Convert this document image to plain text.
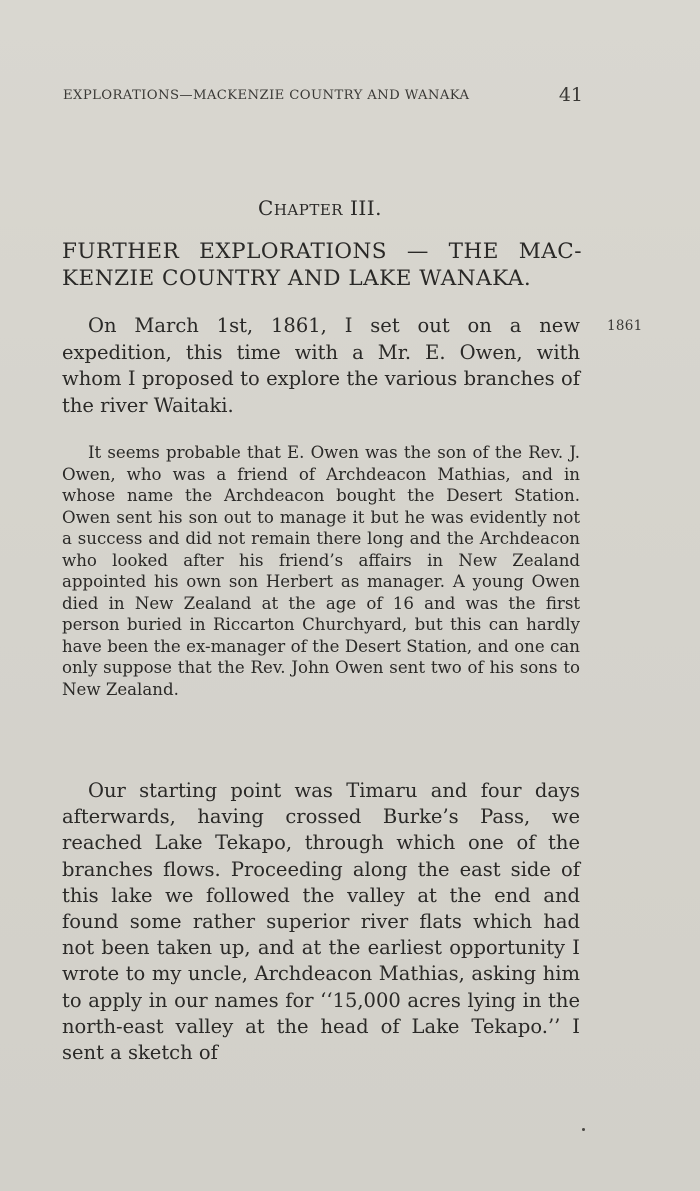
EXPLORATIONS—MACKENZIE COUNTRY AND WANAKA	41
CHAPTER III.
FURTHER EXPLORATIONS — THE MAC-
KENZIE COUNTRY AND LAKE WANAKA.
1861
On March 1st, 1861, I set out on a new expedition, this time with a Mr. E. Owen, with whom I proposed to explore the various branches of the river Waitaki.
It seems probable that E. Owen was the son of the Rev. J. Owen, who was a friend of Archdeacon Mathias, and in whose name the Archdeacon bought the Desert Station. Owen sent his son out to manage it but he was evidently not a success and did not remain there long and the Archdeacon who looked after his friend’s affairs in New Zealand appointed his own son Herbert as manager. A young Owen died in New Zealand at the age of 16 and was the first person buried in Riccarton Churchyard, but this can hardly have been the ex-manager of the Desert Station, and one can only suppose that the Rev. John Owen sent two of his sons to New Zealand.
Our starting point was Timaru and four days afterwards, having crossed Burke’s Pass, we reached Lake Tekapo, through which one of the branches flows. Proceeding along the east side of this lake we followed the valley at the end and found some rather superior river flats which had not been taken up, and at the earliest opportunity I wrote to my uncle, Archdeacon Mathias, asking him to apply in our names for ‘‘15,000 acres lying in the north-east valley at the head of Lake Tekapo.’’ I sent a sketch of
